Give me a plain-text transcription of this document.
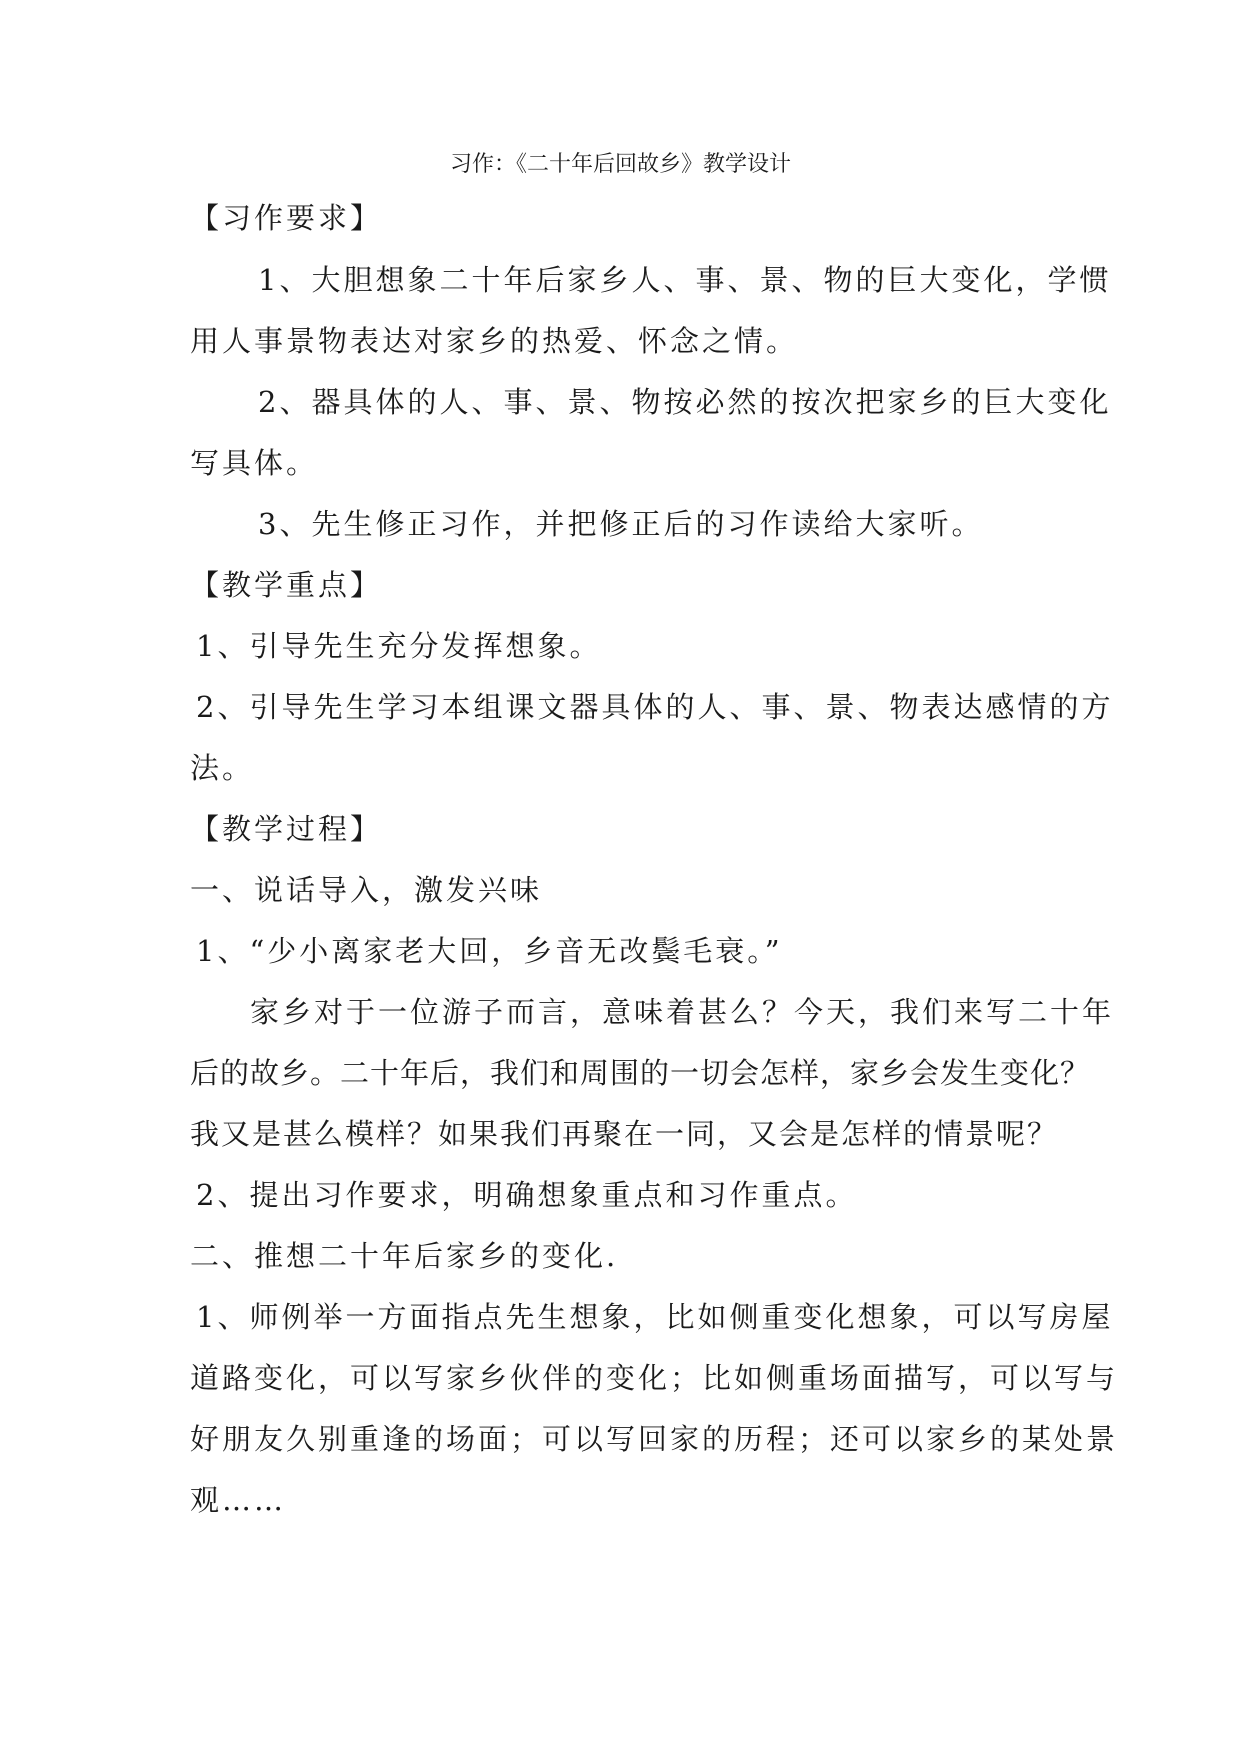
习作：《二十年后回故乡》教学设计
【习作要求】
1、大胆想象二十年后家乡人、事、景、物的巨大变化，学惯
用人事景物表达对家乡的热爱、怀念之情。
2、器具体的人、事、景、物按必然的按次把家乡的巨大变化
写具体。
3、先生修正习作，并把修正后的习作读给大家听。
【教学重点】
1、引导先生充分发挥想象。
2、引导先生学习本组课文器具体的人、事、景、物表达感情的方
法。
【教学过程】
一、说话导入，激发兴味
1、“少小离家老大回，乡音无改鬓毛衰。”
家乡对于一位游子而言，意味着甚么？今天，我们来写二十年
后的故乡。二十年后，我们和周围的一切会怎样，家乡会发生变化？
我又是甚么模样？如果我们再聚在一同，又会是怎样的情景呢？
2、提出习作要求，明确想象重点和习作重点。
二、推想二十年后家乡的变化.
1、师例举一方面指点先生想象，比如侧重变化想象，可以写房屋
道路变化，可以写家乡伙伴的变化；比如侧重场面描写，可以写与
好朋友久别重逢的场面；可以写回家的历程；还可以家乡的某处景
观……
